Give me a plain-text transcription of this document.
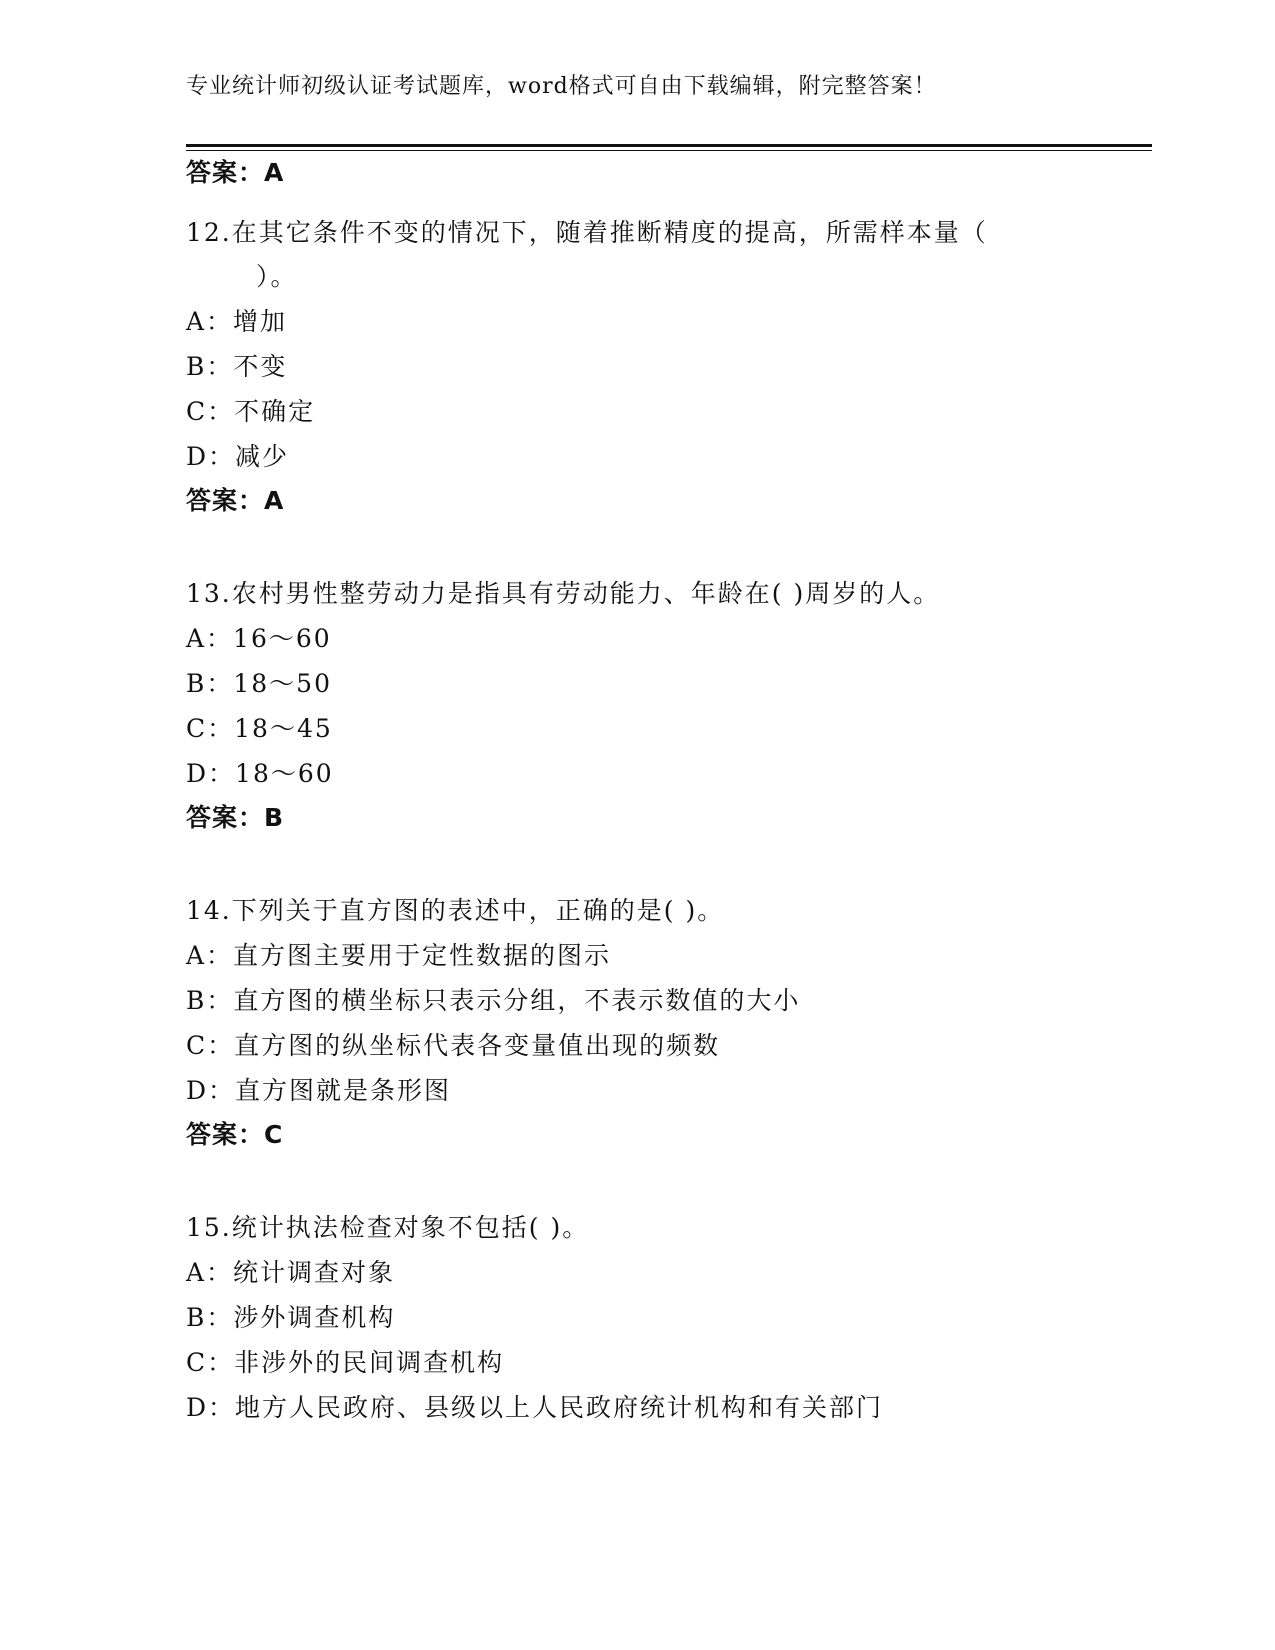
专业统计师初级认证考试题库，word格式可自由下载编辑，附完整答案！
答案：A
12.在其它条件不变的情况下，随着推断精度的提高，所需样本量（
）。
A：增加
B：不变
C：不确定
D：减少
答案：A
13.农村男性整劳动力是指具有劳动能力、年龄在( )周岁的人。
A：16～60
B：18～50
C：18～45
D：18～60
答案：B
14.下列关于直方图的表述中，正确的是( )。
A：直方图主要用于定性数据的图示
B：直方图的横坐标只表示分组，不表示数值的大小
C：直方图的纵坐标代表各变量值出现的频数
D：直方图就是条形图
答案：C
15.统计执法检查对象不包括( )。
A：统计调查对象
B：涉外调查机构
C：非涉外的民间调查机构
D：地方人民政府、县级以上人民政府统计机构和有关部门
